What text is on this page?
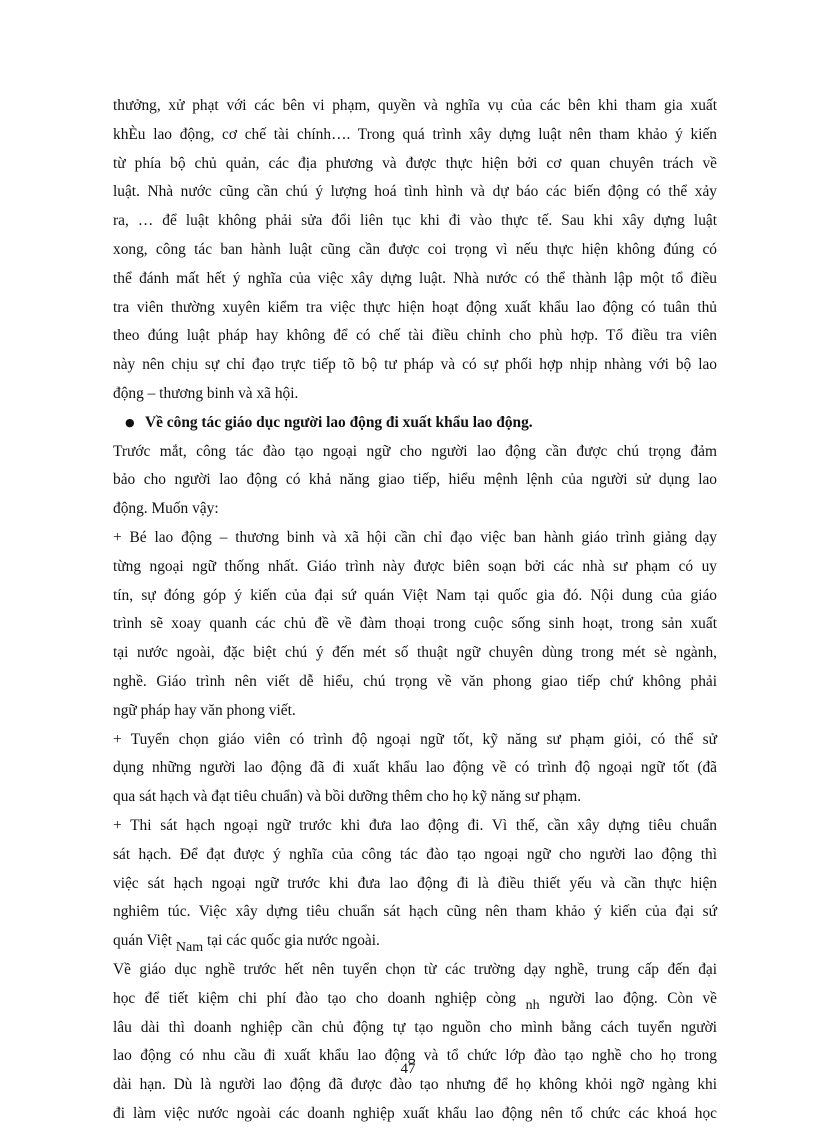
thưởng, xử phạt với các bên vi phạm, quyền và nghĩa vụ của các bên khi tham gia xuất
khÈu lao động, cơ chế tài chính…. Trong quá trình xây dựng luật nên tham khảo ý kiến
từ phía bộ chủ quản, các địa phương và được thực hiện bởi cơ quan chuyên trách về
luật. Nhà nước cũng cần chú ý lượng hoá tình hình và dự báo các biến động có thể xảy
ra, … để luật không phải sửa đổi liên tục khi đi vào thực tế. Sau khi xây dựng luật
xong, công tác ban hành luật cũng cần được coi trọng vì nếu thực hiện không đúng có
thể đánh mất hết ý nghĩa của việc xây dựng luật. Nhà nước có thể thành lập một tổ điều
tra viên thường xuyên kiểm tra việc thực hiện hoạt động xuất khẩu lao động có tuân thủ
theo đúng luật pháp hay không để có chế tài điều chỉnh cho phù hợp. Tổ điều tra viên
này nên chịu sự chỉ đạo trực tiếp tõ bộ tư pháp và có sự phối hợp nhịp nhàng với bộ lao
động – thương binh và xã hội.
● Về công tác giáo dục người lao động đi xuất khẩu lao động.
Trước mắt, công tác đào tạo ngoại ngữ cho người lao động cần được chú trọng đảm
bảo cho người lao động có khả năng giao tiếp, hiểu mệnh lệnh của người sử dụng lao
động. Muốn vậy:
+ Bé lao động – thương binh và xã hội cần chỉ đạo việc ban hành giáo trình giảng dạy
từng ngoại ngữ thống nhất. Giáo trình này được biên soạn bởi các nhà sư phạm có uy
tín, sự đóng góp ý kiến của đại sứ quán Việt Nam tại quốc gia đó. Nội dung của giáo
trình sẽ xoay quanh các chủ đề về đàm thoại trong cuộc sống sinh hoạt, trong sản xuất
tại nước ngoài, đặc biệt chú ý đến mét số thuật ngữ chuyên dùng trong mét sè ngành,
nghề. Giáo trình nên viết dễ hiểu, chú trọng về văn phong giao tiếp chứ không phải
ngữ pháp hay văn phong viết.
+ Tuyển chọn giáo viên có trình độ ngoại ngữ tốt, kỹ năng sư phạm giỏi, có thể sử
dụng những người lao động đã đi xuất khẩu lao động về có trình độ ngoại ngữ tốt (đã
qua sát hạch và đạt tiêu chuẩn) và bồi dưỡng thêm cho họ kỹ năng sư phạm.
+ Thi sát hạch ngoại ngữ trước khi đưa lao động đi. Vì thế, cần xây dựng tiêu chuẩn
sát hạch. Để đạt được ý nghĩa của công tác đào tạo ngoại ngữ cho người lao động thì
việc sát hạch ngoại ngữ trước khi đưa lao động đi là điều thiết yếu và cần thực hiện
nghiêm túc. Việc xây dựng tiêu chuẩn sát hạch cũng nên tham khảo ý kiến của đại sứ
quán Việt Nam tại các quốc gia nước ngoài.
Về giáo dục nghề trước hết nên tuyển chọn từ các trường dạy nghề, trung cấp đến đại
học để tiết kiệm chi phí đào tạo cho doanh nghiệp còng nh người lao động. Còn về
lâu dài thì doanh nghiệp cần chủ động tự tạo nguồn cho mình bằng cách tuyển người
lao động có nhu cầu đi xuất khẩu lao động và tổ chức lớp đào tạo nghề cho họ trong
dài hạn. Dù là người lao động đã được đào tạo nhưng để họ không khỏi ngỡ ngàng khi
đi làm việc nước ngoài các doanh nghiệp xuất khẩu lao động nên tổ chức các khoá học
47
